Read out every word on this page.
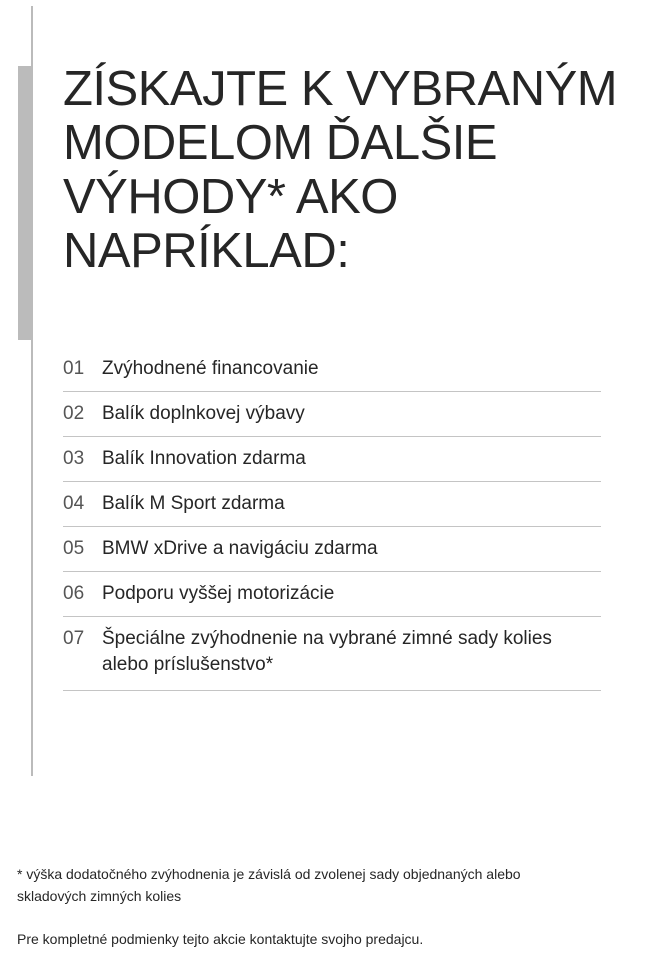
ZÍSKAJTE K VYBRANÝM MODELOM ĎALŠIE VÝHODY* AKO NAPRÍKLAD:
01 Zvýhodnené financovanie
02 Balík doplnkovej výbavy
03 Balík Innovation zdarma
04 Balík M Sport zdarma
05 BMW xDrive a navigáciu zdarma
06 Podporu vyššej motorizácie
07 Špeciálne zvýhodnenie na vybrané zimné sady kolies alebo príslušenstvo*

* výška dodatočného zvýhodnenia je závislá od zvolenej sady objednaných alebo skladových zimných kolies

Pre kompletné podmienky tejto akcie kontaktujte svojho predajcu.
